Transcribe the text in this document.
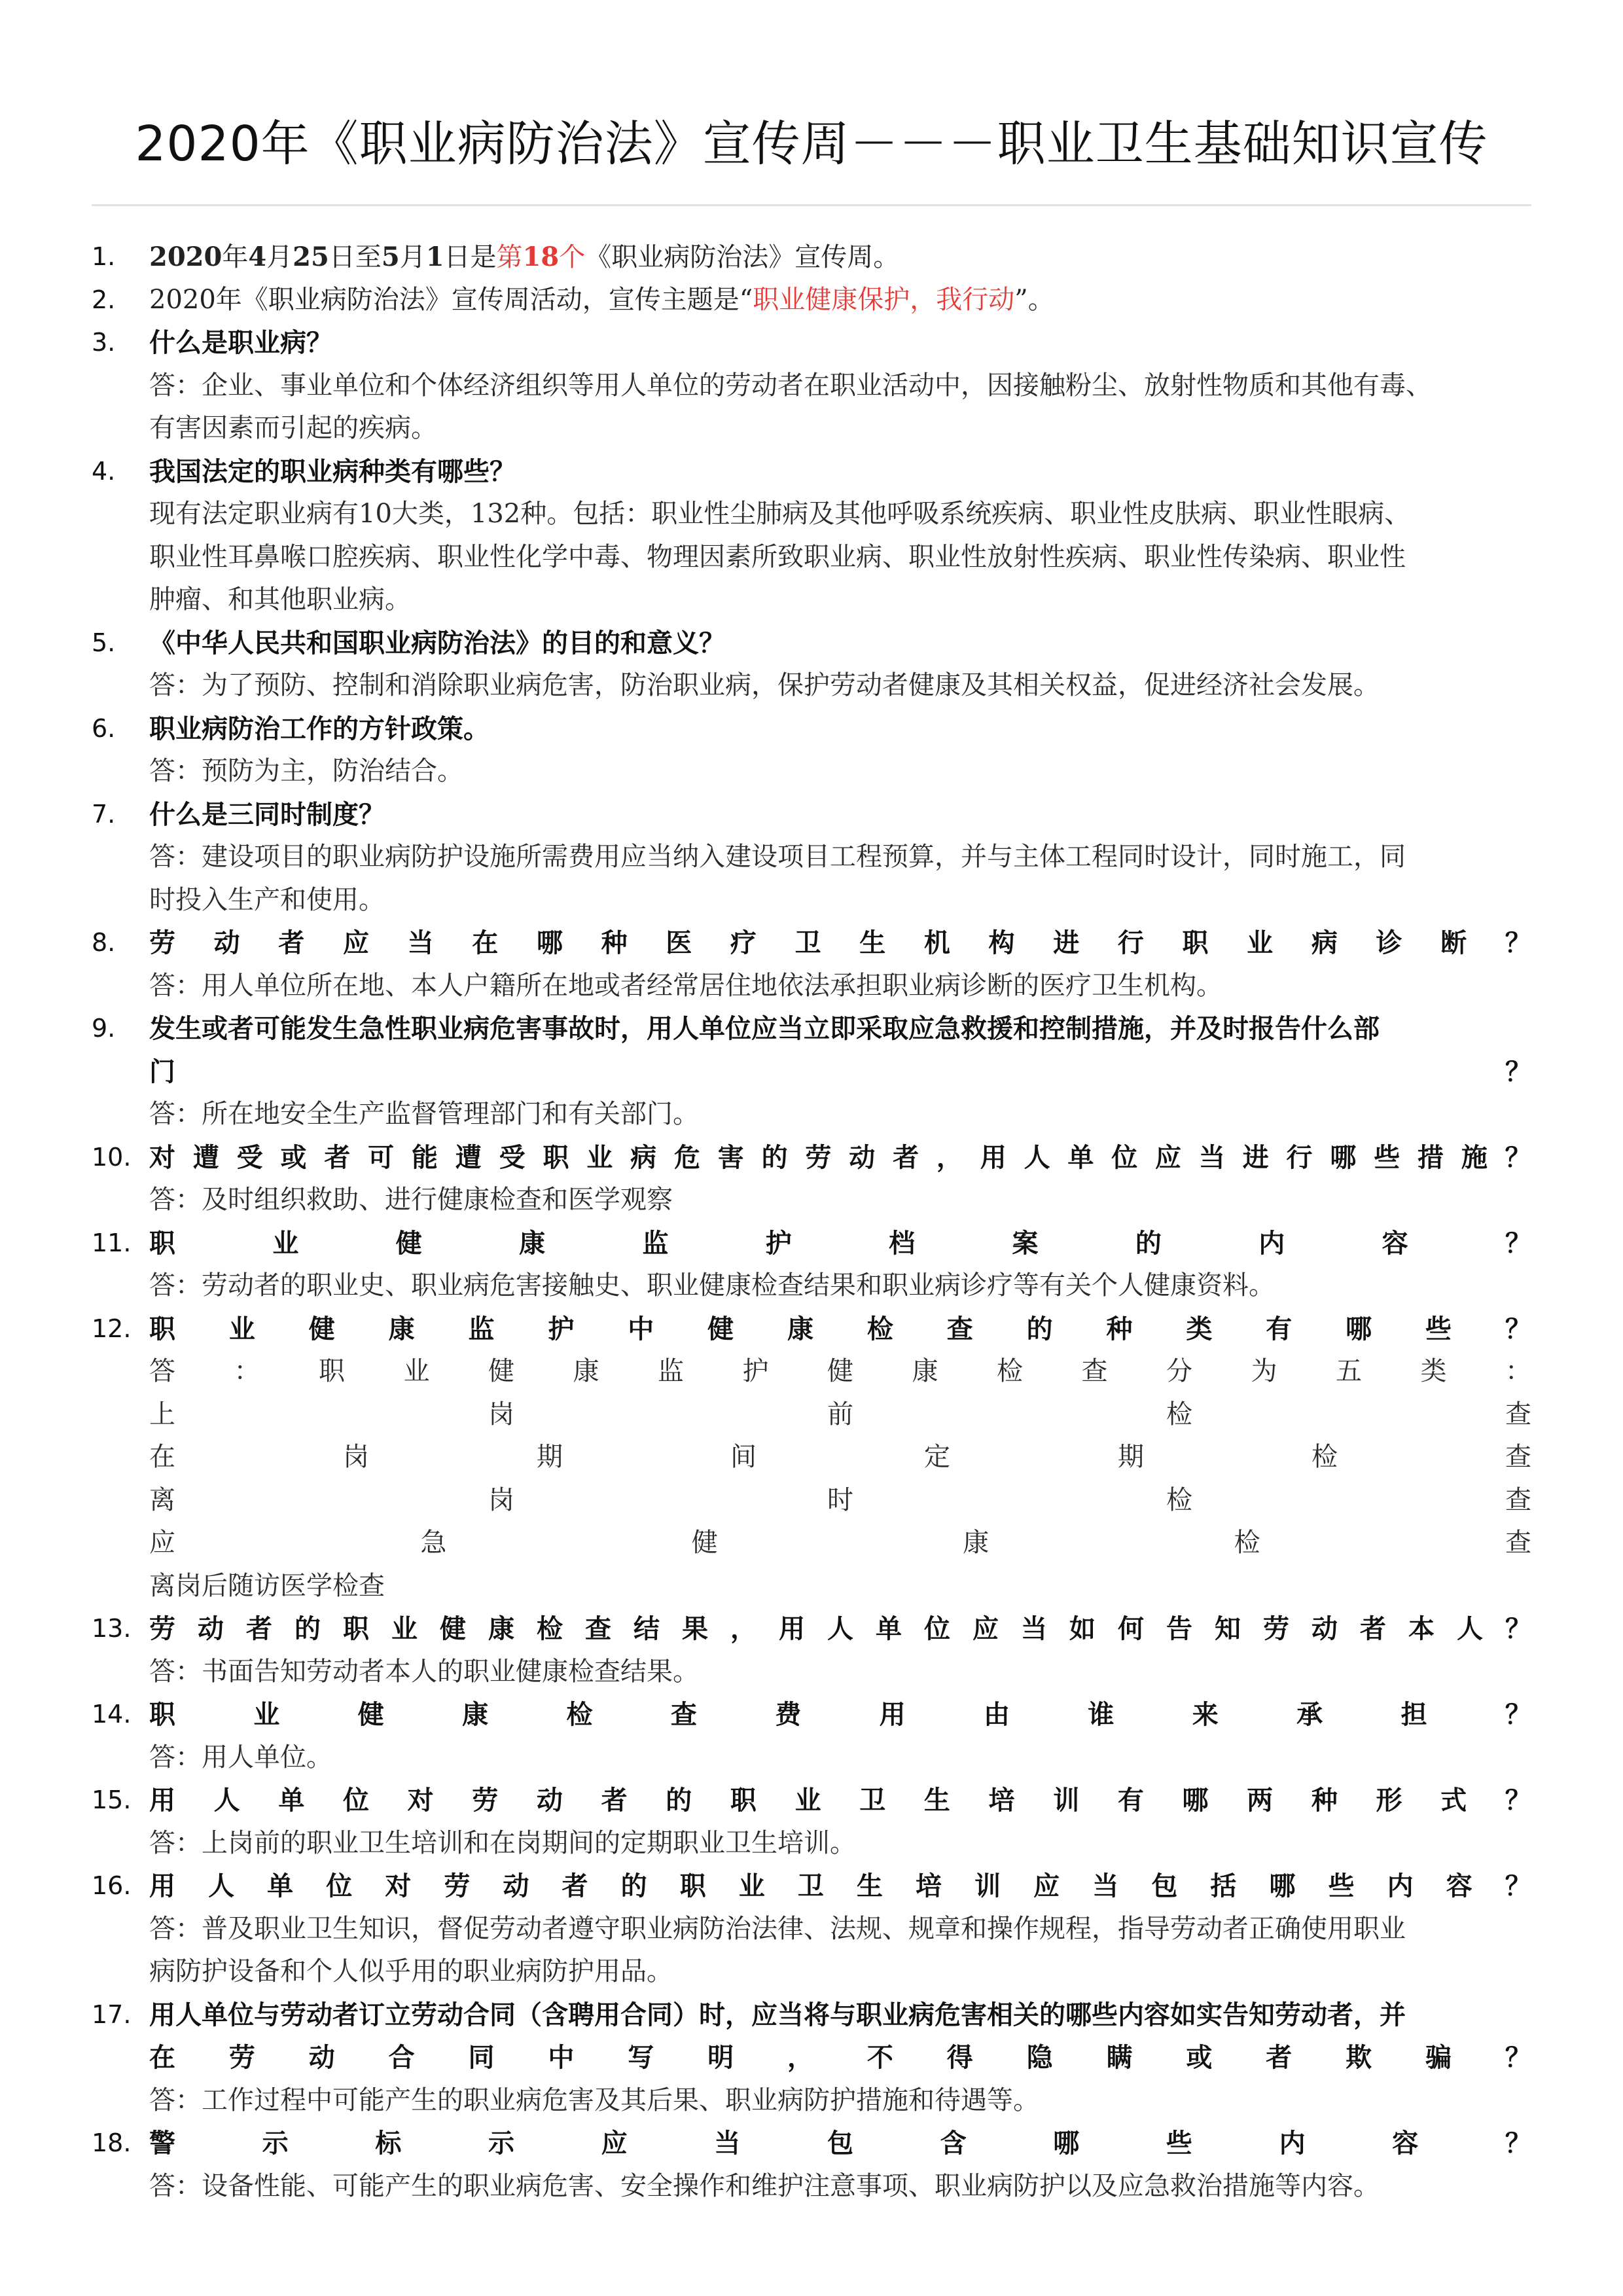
2020年《职业病防治法》宣传周－－－职业卫生基础知识宣传
1.	2020年4月25日至5月1日是第18个《职业病防治法》宣传周。
2.	2020年《职业病防治法》宣传周活动，宣传主题是“职业健康保护，我行动”。
3.	什么是职业病？
答：企业、事业单位和个体经济组织等用人单位的劳动者在职业活动中，因接触粉尘、放射性物质和其他有毒、
有害因素而引起的疾病。
4.	我国法定的职业病种类有哪些？
现有法定职业病有10大类，132种。包括：职业性尘肺病及其他呼吸系统疾病、职业性皮肤病、职业性眼病、
职业性耳鼻喉口腔疾病、职业性化学中毒、物理因素所致职业病、职业性放射性疾病、职业性传染病、职业性
肿瘤、和其他职业病。
5.	《中华人民共和国职业病防治法》的目的和意义？
答：为了预防、控制和消除职业病危害，防治职业病，保护劳动者健康及其相关权益，促进经济社会发展。
6.	职业病防治工作的方针政策。
答：预防为主，防治结合。
7.	什么是三同时制度？
答：建设项目的职业病防护设施所需费用应当纳入建设项目工程预算，并与主体工程同时设计，同时施工，同
时投入生产和使用。
8.	劳 动 者 应 当 在 哪 种 医 疗 卫 生 机 构 进 行 职 业 病 诊 断 ？
答：用人单位所在地、本人户籍所在地或者经常居住地依法承担职业病诊断的医疗卫生机构。
9.	发生或者可能发生急性职业病危害事故时，用人单位应当立即采取应急救援和控制措施，并及时报告什么部
门	？
答：所在地安全生产监督管理部门和有关部门。
10. 对 遭 受 或 者 可 能 遭 受 职 业 病 危 害 的 劳 动 者 ， 用 人 单 位 应 当 进 行 哪 些 措 施 ？
答：及时组织救助、进行健康检查和医学观察
11. 职	业	健	康	监	护	档	案	的	内	容	？
答：劳动者的职业史、职业病危害接触史、职业健康检查结果和职业病诊疗等有关个人健康资料。
12. 职 业 健 康 监 护 中 健 康 检 查 的 种 类 有 哪 些 ？
答 ： 职 业 健 康 监 护 健 康 检 查 分 为 五 类 ：
上	岗	前	检	查
在	岗	期	间	定	期	检	查
离	岗	时	检	查
应	急	健	康	检	查
离岗后随访医学检查
13. 劳 动 者 的 职 业 健 康 检 查 结 果 ， 用 人 单 位 应 当 如 何 告 知 劳 动 者 本 人 ？
答：书面告知劳动者本人的职业健康检查结果。
14. 职	业	健	康	检	查	费	用	由	谁	来	承	担	？
答：用人单位。
15. 用 人 单 位 对 劳 动 者 的 职 业 卫 生 培 训 有 哪 两 种 形 式 ？
答：上岗前的职业卫生培训和在岗期间的定期职业卫生培训。
16. 用 人 单 位 对 劳 动 者 的 职 业 卫 生 培 训 应 当 包 括 哪 些 内 容 ？
答：普及职业卫生知识，督促劳动者遵守职业病防治法律、法规、规章和操作规程，指导劳动者正确使用职业
病防护设备和个人似乎用的职业病防护用品。
17. 用人单位与劳动者订立劳动合同（含聘用合同）时，应当将与职业病危害相关的哪些内容如实告知劳动者，并
在 劳 动 合 同 中 写 明 ， 不 得 隐 瞒 或 者 欺 骗 ？
答：工作过程中可能产生的职业病危害及其后果、职业病防护措施和待遇等。
18. 警	示	标	示	应	当	包	含	哪	些	内	容	？
答：设备性能、可能产生的职业病危害、安全操作和维护注意事项、职业病防护以及应急救治措施等内容。
